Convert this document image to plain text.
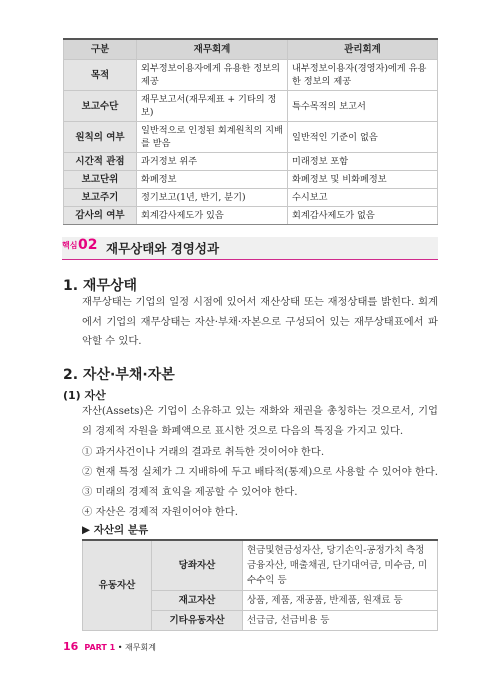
구분	재무회계	관리회계
목적	외부정보이용자에게 유용한 정보의 제공	내부정보이용자(경영자)에게 유용한 정보의 제공
보고수단	재무보고서(재무제표 + 기타의 정보)	특수목적의 보고서
원칙의 여부	일반적으로 인정된 회계원칙의 지배를 받음	일반적인 기준이 없음
시간적 관점	과거정보 위주	미래정보 포함
보고단위	화폐정보	화폐정보 및 비화폐정보
보고주기	정기보고(1년, 반기, 분기)	수시보고
감사의 여부	회계감사제도가 있음	회계감사제도가 없음
핵심 02 재무상태와 경영성과
1. 재무상태

재무상태는 기업의 일정 시점에 있어서 재산상태 또는 재정상태를 밝힌다. 회계에서 기업의 재무상태는 자산·부채·자본으로 구성되어 있는 재무상태표에서 파악할 수 있다.

2. 자산·부채·자본
(1) 자산

자산(Assets)은 기업이 소유하고 있는 재화와 채권을 총칭하는 것으로서, 기업의 경제적 자원을 화폐액으로 표시한 것으로 다음의 특징을 가지고 있다.

① 과거사건이나 거래의 결과로 취득한 것이어야 한다.
② 현재 특정 실체가 그 지배하에 두고 배타적(통제)으로 사용할 수 있어야 한다.
③ 미래의 경제적 효익을 제공할 수 있어야 한다.
④ 자산은 경제적 자원이어야 한다.
▶ 자산의 분류
유동자산	당좌자산	현금및현금성자산, 당기손익-공정가치 측정 금융자산, 매출채권, 단기대여금, 미수금, 미수수익 등
	재고자산	상품, 제품, 재공품, 반제품, 원재료 등
	기타유동자산	선급금, 선급비용 등
16 PART 1 • 재무회계
